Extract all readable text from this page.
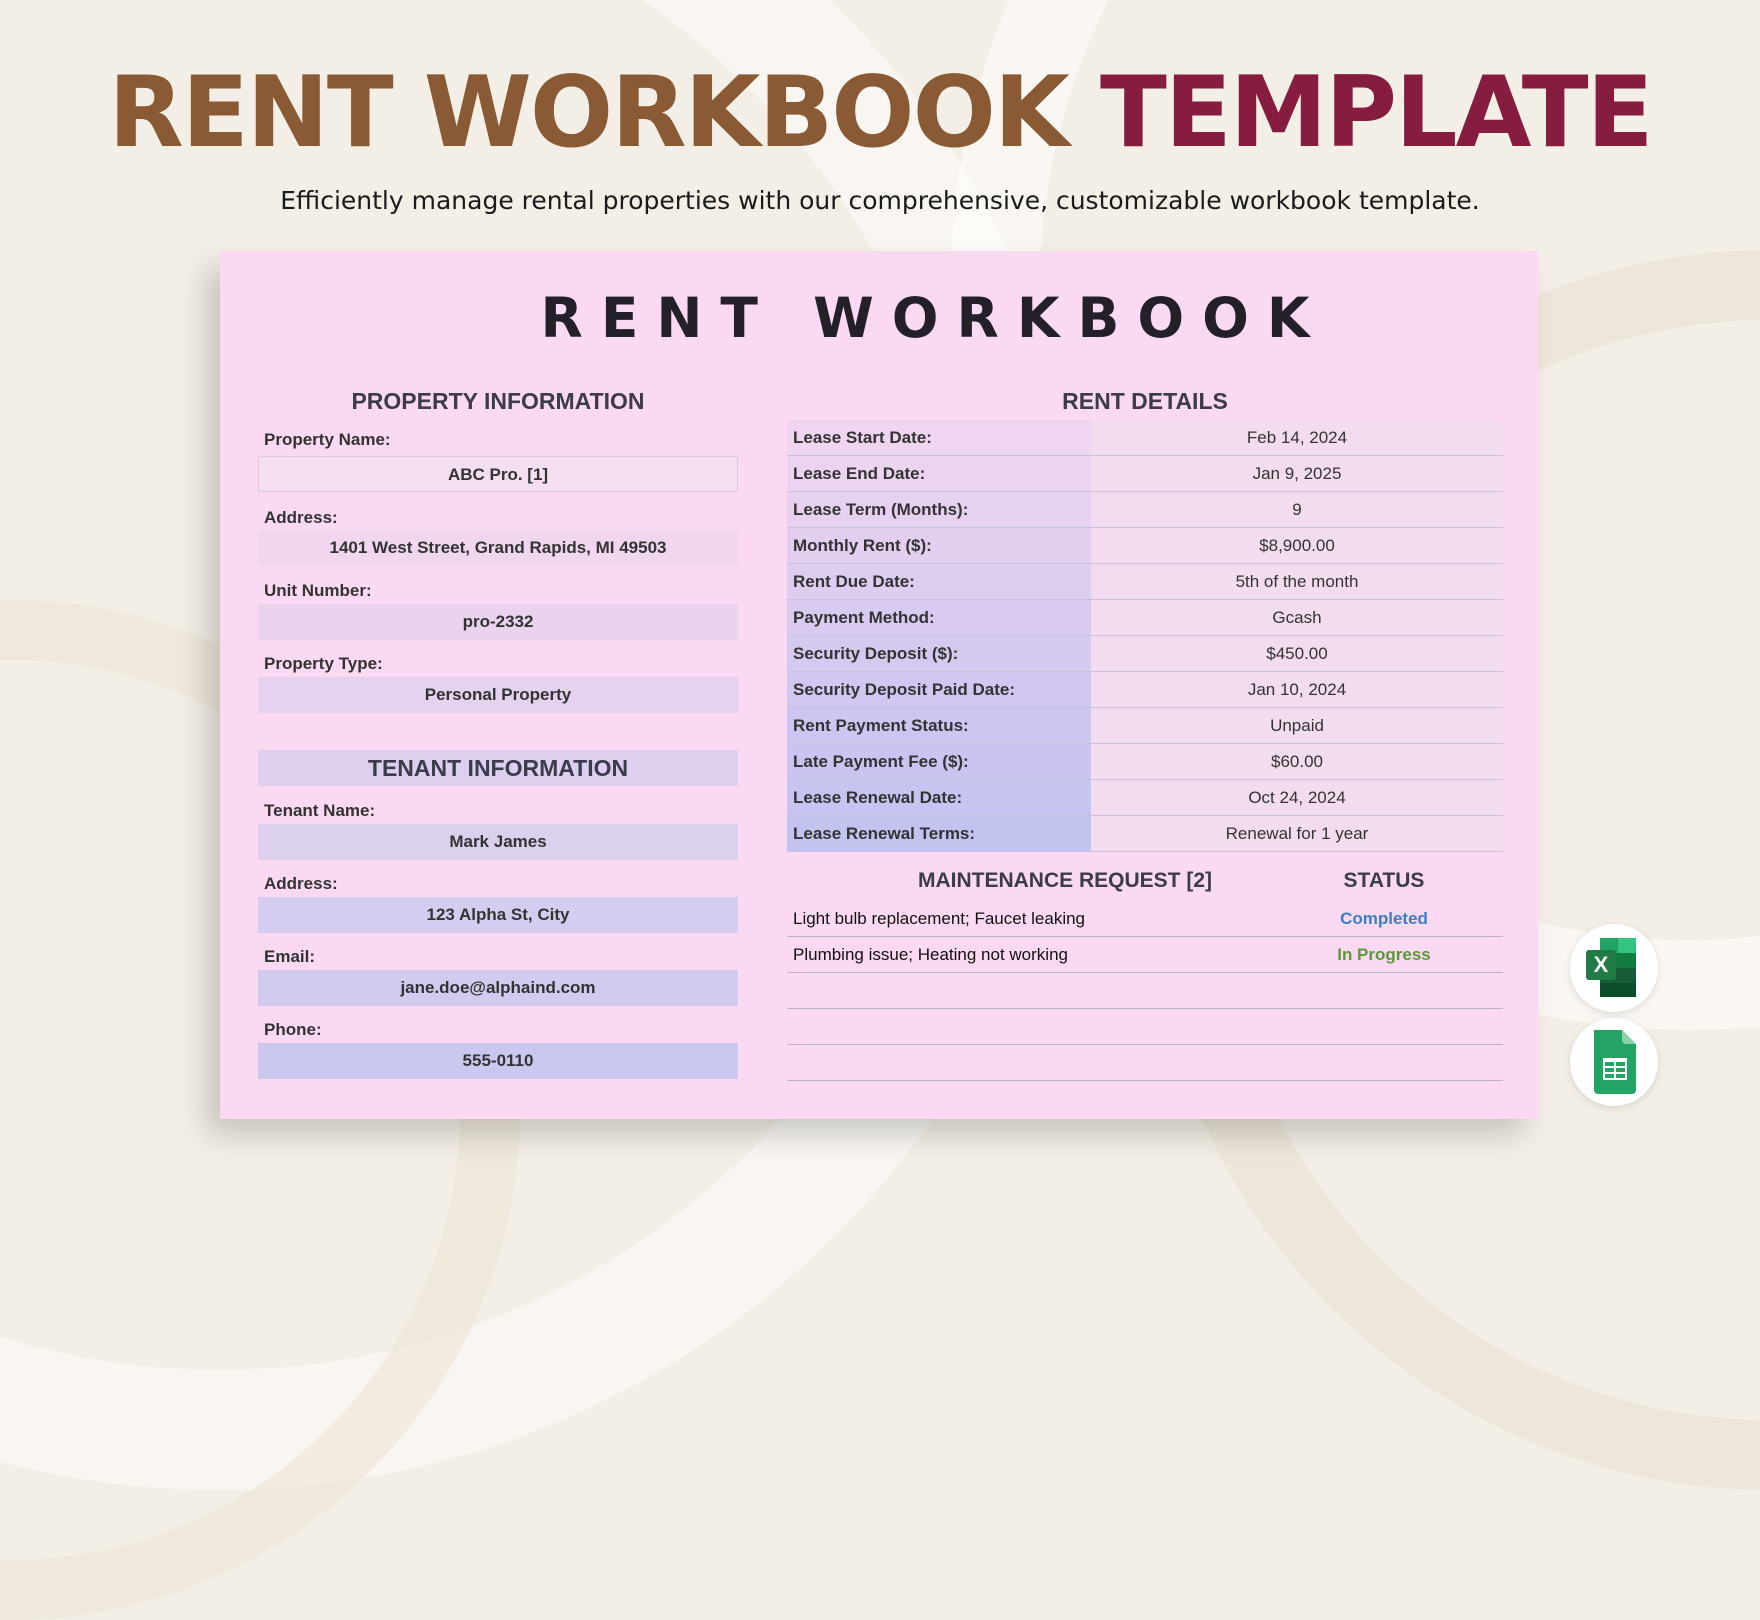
RENT WORKBOOK TEMPLATE
Efficiently manage rental properties with our comprehensive, customizable workbook template.
RENT WORKBOOK
PROPERTY INFORMATION
Property Name:
ABC Pro. [1]
Address:
1401 West Street, Grand Rapids, MI 49503
Unit Number:
pro-2332
Property Type:
Personal Property
TENANT INFORMATION
Tenant Name:
Mark James
Address:
123 Alpha St, City
Email:
jane.doe@alphaind.com
Phone:
555-0110
RENT DETAILS
Lease Start Date:	Feb 14, 2024
Lease End Date:	Jan 9, 2025
Lease Term (Months):	9
Monthly Rent ($):	$8,900.00
Rent Due Date:	5th of the month
Payment Method:	Gcash
Security Deposit ($):	$450.00
Security Deposit Paid Date:	Jan 10, 2024
Rent Payment Status:	Unpaid
Late Payment Fee ($):	$60.00
Lease Renewal Date:	Oct 24, 2024
Lease Renewal Terms:	Renewal for 1 year
MAINTENANCE REQUEST [2]	STATUS
Light bulb replacement; Faucet leaking	Completed
Plumbing issue; Heating not working	In Progress	X
